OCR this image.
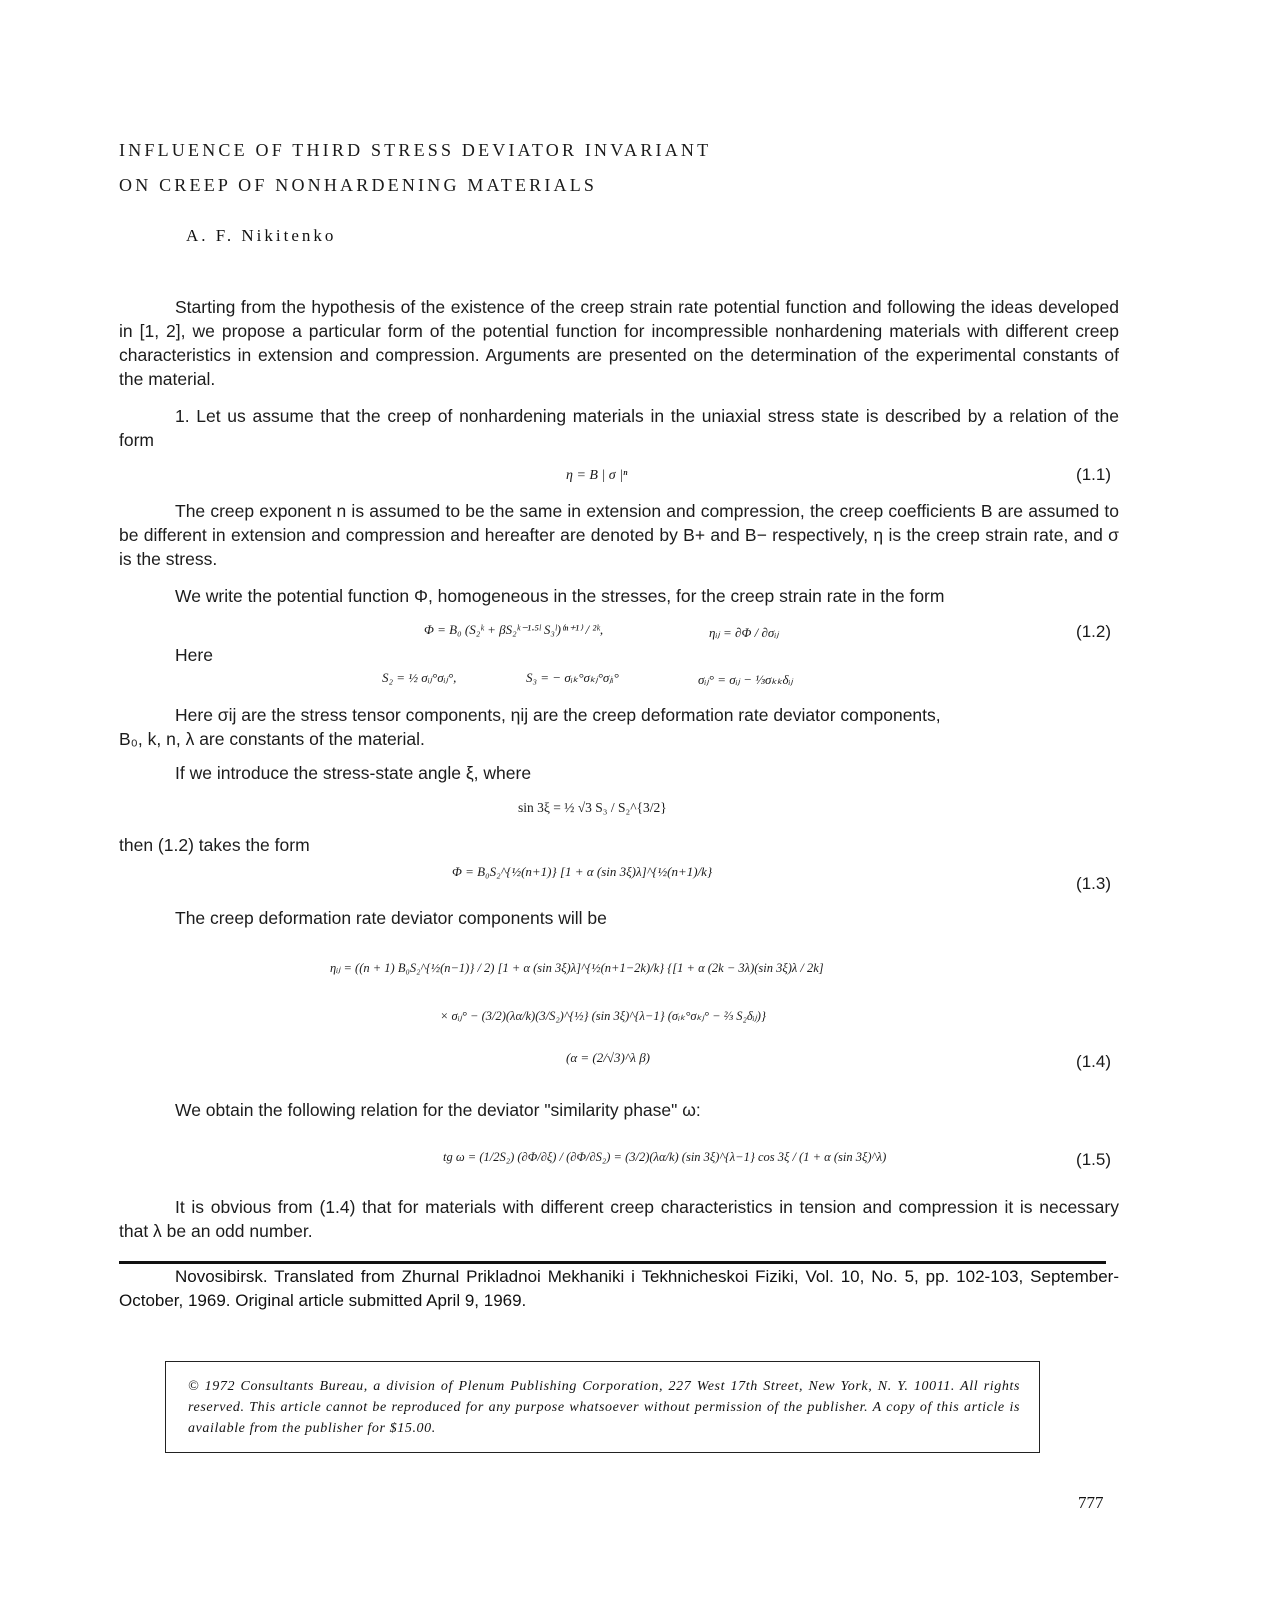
INFLUENCE OF THIRD STRESS DEVIATOR INVARIANT
ON CREEP OF NONHARDENING MATERIALS
A. F. Nikitenko
Starting from the hypothesis of the existence of the creep strain rate potential function and following the ideas developed in [1, 2], we propose a particular form of the potential function for incompressible nonhardening materials with different creep characteristics in extension and compression. Arguments are presented on the determination of the experimental constants of the material.
1. Let us assume that the creep of nonhardening materials in the uniaxial stress state is described by a relation of the form
η = B | σ |ⁿ	(1.1)
The creep exponent n is assumed to be the same in extension and compression, the creep coefficients B are assumed to be different in extension and compression and hereafter are denoted by B+ and B− respectively, η is the creep strain rate, and σ is the stress.
We write the potential function Φ, homogeneous in the stresses, for the creep strain rate in the form
Φ = B₀ (S₂ᵏ + βS₂ᵏ⁻¹·⁵ˡ S₃ˡ)⁽ⁿ⁺¹⁾ / ²ᵏ,	ηᵢⱼ = ∂Φ / ∂σᵢⱼ	(1.2)
Here
S₂ = ½ σᵢⱼ°σᵢⱼ°,	S₃ = − σᵢₖ°σₖⱼ°σⱼᵢ°	σᵢⱼ° = σᵢⱼ − ⅓σₖₖδᵢⱼ
Here σij are the stress tensor components, ηij are the creep deformation rate deviator components,
B₀, k, n, λ are constants of the material.
If we introduce the stress-state angle ξ, where
sin 3ξ = ½ √3 S₃ / S₂^{3/2}
then (1.2) takes the form
Φ = B₀S₂^{½(n+1)} [1 + α (sin 3ξ)λ]^{½(n+1)/k}
(1.3)
The creep deformation rate deviator components will be
ηᵢⱼ = ((n + 1) B₀S₂^{½(n−1)} / 2) [1 + α (sin 3ξ)λ]^{½(n+1−2k)/k} {[1 + α (2k − 3λ)(sin 3ξ)λ / 2k]
× σᵢⱼ° − (3/2)(λα/k)(3/S₂)^{½} (sin 3ξ)^{λ−1} (σᵢₖ°σₖⱼ° − ⅔ S₂δᵢⱼ)}
(α = (2/√3)^λ β)	(1.4)
We obtain the following relation for the deviator "similarity phase" ω:
tg ω = (1/2S₂) (∂Φ/∂ξ) / (∂Φ/∂S₂) = (3/2)(λα/k) (sin 3ξ)^{λ−1} cos 3ξ / (1 + α (sin 3ξ)^λ)	(1.5)
It is obvious from (1.4) that for materials with different creep characteristics in tension and compression it is necessary that λ be an odd number.
Novosibirsk. Translated from Zhurnal Prikladnoi Mekhaniki i Tekhnicheskoi Fiziki, Vol. 10, No. 5, pp. 102-103, September-October, 1969. Original article submitted April 9, 1969.
© 1972 Consultants Bureau, a division of Plenum Publishing Corporation, 227 West 17th Street, New York, N. Y. 10011. All rights reserved. This article cannot be reproduced for any purpose whatsoever without permission of the publisher. A copy of this article is available from the publisher for $15.00.
777
